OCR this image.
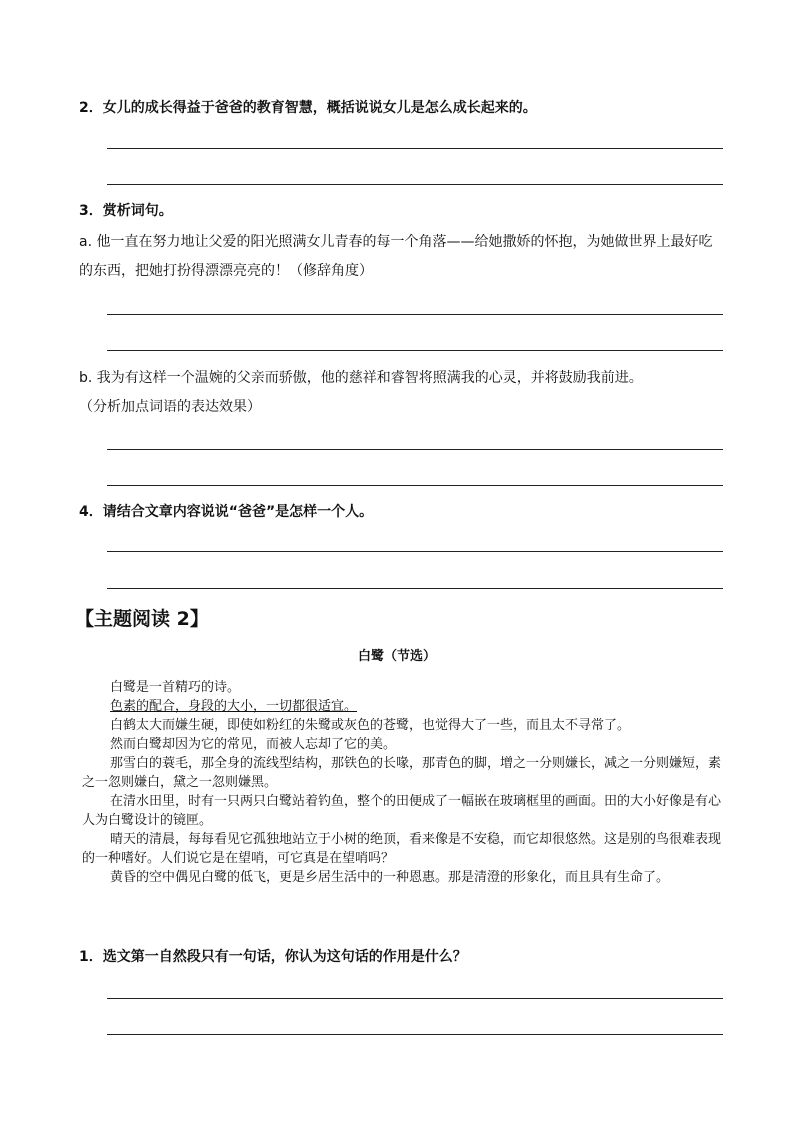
2．女儿的成长得益于爸爸的教育智慧，概括说说女儿是怎么成长起来的。
3．赏析词句。
a. 他一直在努力地让父爱的阳光照满女儿青春的每一个角落——给她撒娇的怀抱，为她做世界上最好吃的东西，把她打扮得漂漂亮亮的！（修辞角度）
b. 我为有这样一个温婉的父亲而骄傲，他的慈祥和睿智将照满我的心灵，并将鼓励我前进。
（分析加点词语的表达效果）
4．请结合文章内容说说“爸爸”是怎样一个人。
【主题阅读 2】
白鹭（节选）

白鹭是一首精巧的诗。

色素的配合，身段的大小，一切都很适宜。

白鹤太大而嫌生硬，即使如粉红的朱鹭或灰色的苍鹭，也觉得大了一些，而且太不寻常了。

然而白鹭却因为它的常见，而被人忘却了它的美。

那雪白的蓑毛，那全身的流线型结构，那铁色的长喙，那青色的脚，增之一分则嫌长，减之一分则嫌短，素之一忽则嫌白，黛之一忽则嫌黑。

在清水田里，时有一只两只白鹭站着钓鱼，整个的田便成了一幅嵌在玻璃框里的画面。田的大小好像是有心人为白鹭设计的镜匣。

晴天的清晨，每每看见它孤独地站立于小树的绝顶，看来像是不安稳，而它却很悠然。这是别的鸟很难表现的一种嗜好。人们说它是在望哨，可它真是在望哨吗？

黄昏的空中偶见白鹭的低飞，更是乡居生活中的一种恩惠。那是清澄的形象化，而且具有生命了。

1．选文第一自然段只有一句话，你认为这句话的作用是什么？
